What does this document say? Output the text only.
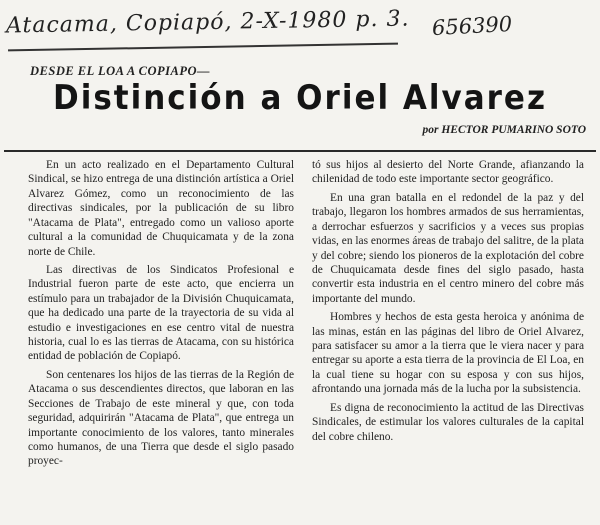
Atacama, Copiapó, 2-X-1980 p. 3. 656390
DESDE EL LOA A COPIAPO—
Distinción a Oriel Alvarez
por HECTOR PUMARINO SOTO

En un acto realizado en el Departamento Cultural Sindical, se hizo entrega de una distinción artística a Oriel Alvarez Gómez, como un reconocimiento de las directivas sindicales, por la publicación de su libro "Atacama de Plata", entregado como un valioso aporte cultural a la comunidad de Chuquicamata y de la zona norte de Chile.

Las directivas de los Sindicatos Profesional e Industrial fueron parte de este acto, que encierra un estímulo para un trabajador de la División Chuquicamata, que ha dedicado una parte de la trayectoria de su vida al estudio e investigaciones en ese centro vital de nuestra historia, cual lo es las tierras de Atacama, con su histórica entidad de población de Copiapó.

Son centenares los hijos de las tierras de la Región de Atacama o sus descendientes directos, que laboran en las Secciones de Trabajo de este mineral y que, con toda seguridad, adquirirán "Atacama de Plata", que entrega un importante conocimiento de los valores, tanto minerales como humanos, de una Tierra que desde el siglo pasado proyec-

tó sus hijos al desierto del Norte Grande, afianzando la chilenidad de todo este importante sector geográfico.

En una gran batalla en el redondel de la paz y del trabajo, llegaron los hombres armados de sus herramientas, a derrochar esfuerzos y sacrificios y a veces sus propias vidas, en las enormes áreas de trabajo del salitre, de la plata y del cobre; siendo los pioneros de la explotación del cobre de Chuquicamata desde fines del siglo pasado, hasta convertir esta industria en el centro minero del cobre más importante del mundo.

Hombres y hechos de esta gesta heroica y anónima de las minas, están en las páginas del libro de Oriel Alvarez, para satisfacer su amor a la tierra que le viera nacer y para entregar su aporte a esta tierra de la provincia de El Loa, en la cual tiene su hogar con su esposa y con sus hijos, afrontando una jornada más de la lucha por la subsistencia.

Es digna de reconocimiento la actitud de las Directivas Sindicales, de estimular los valores culturales de la capital del cobre chileno.
